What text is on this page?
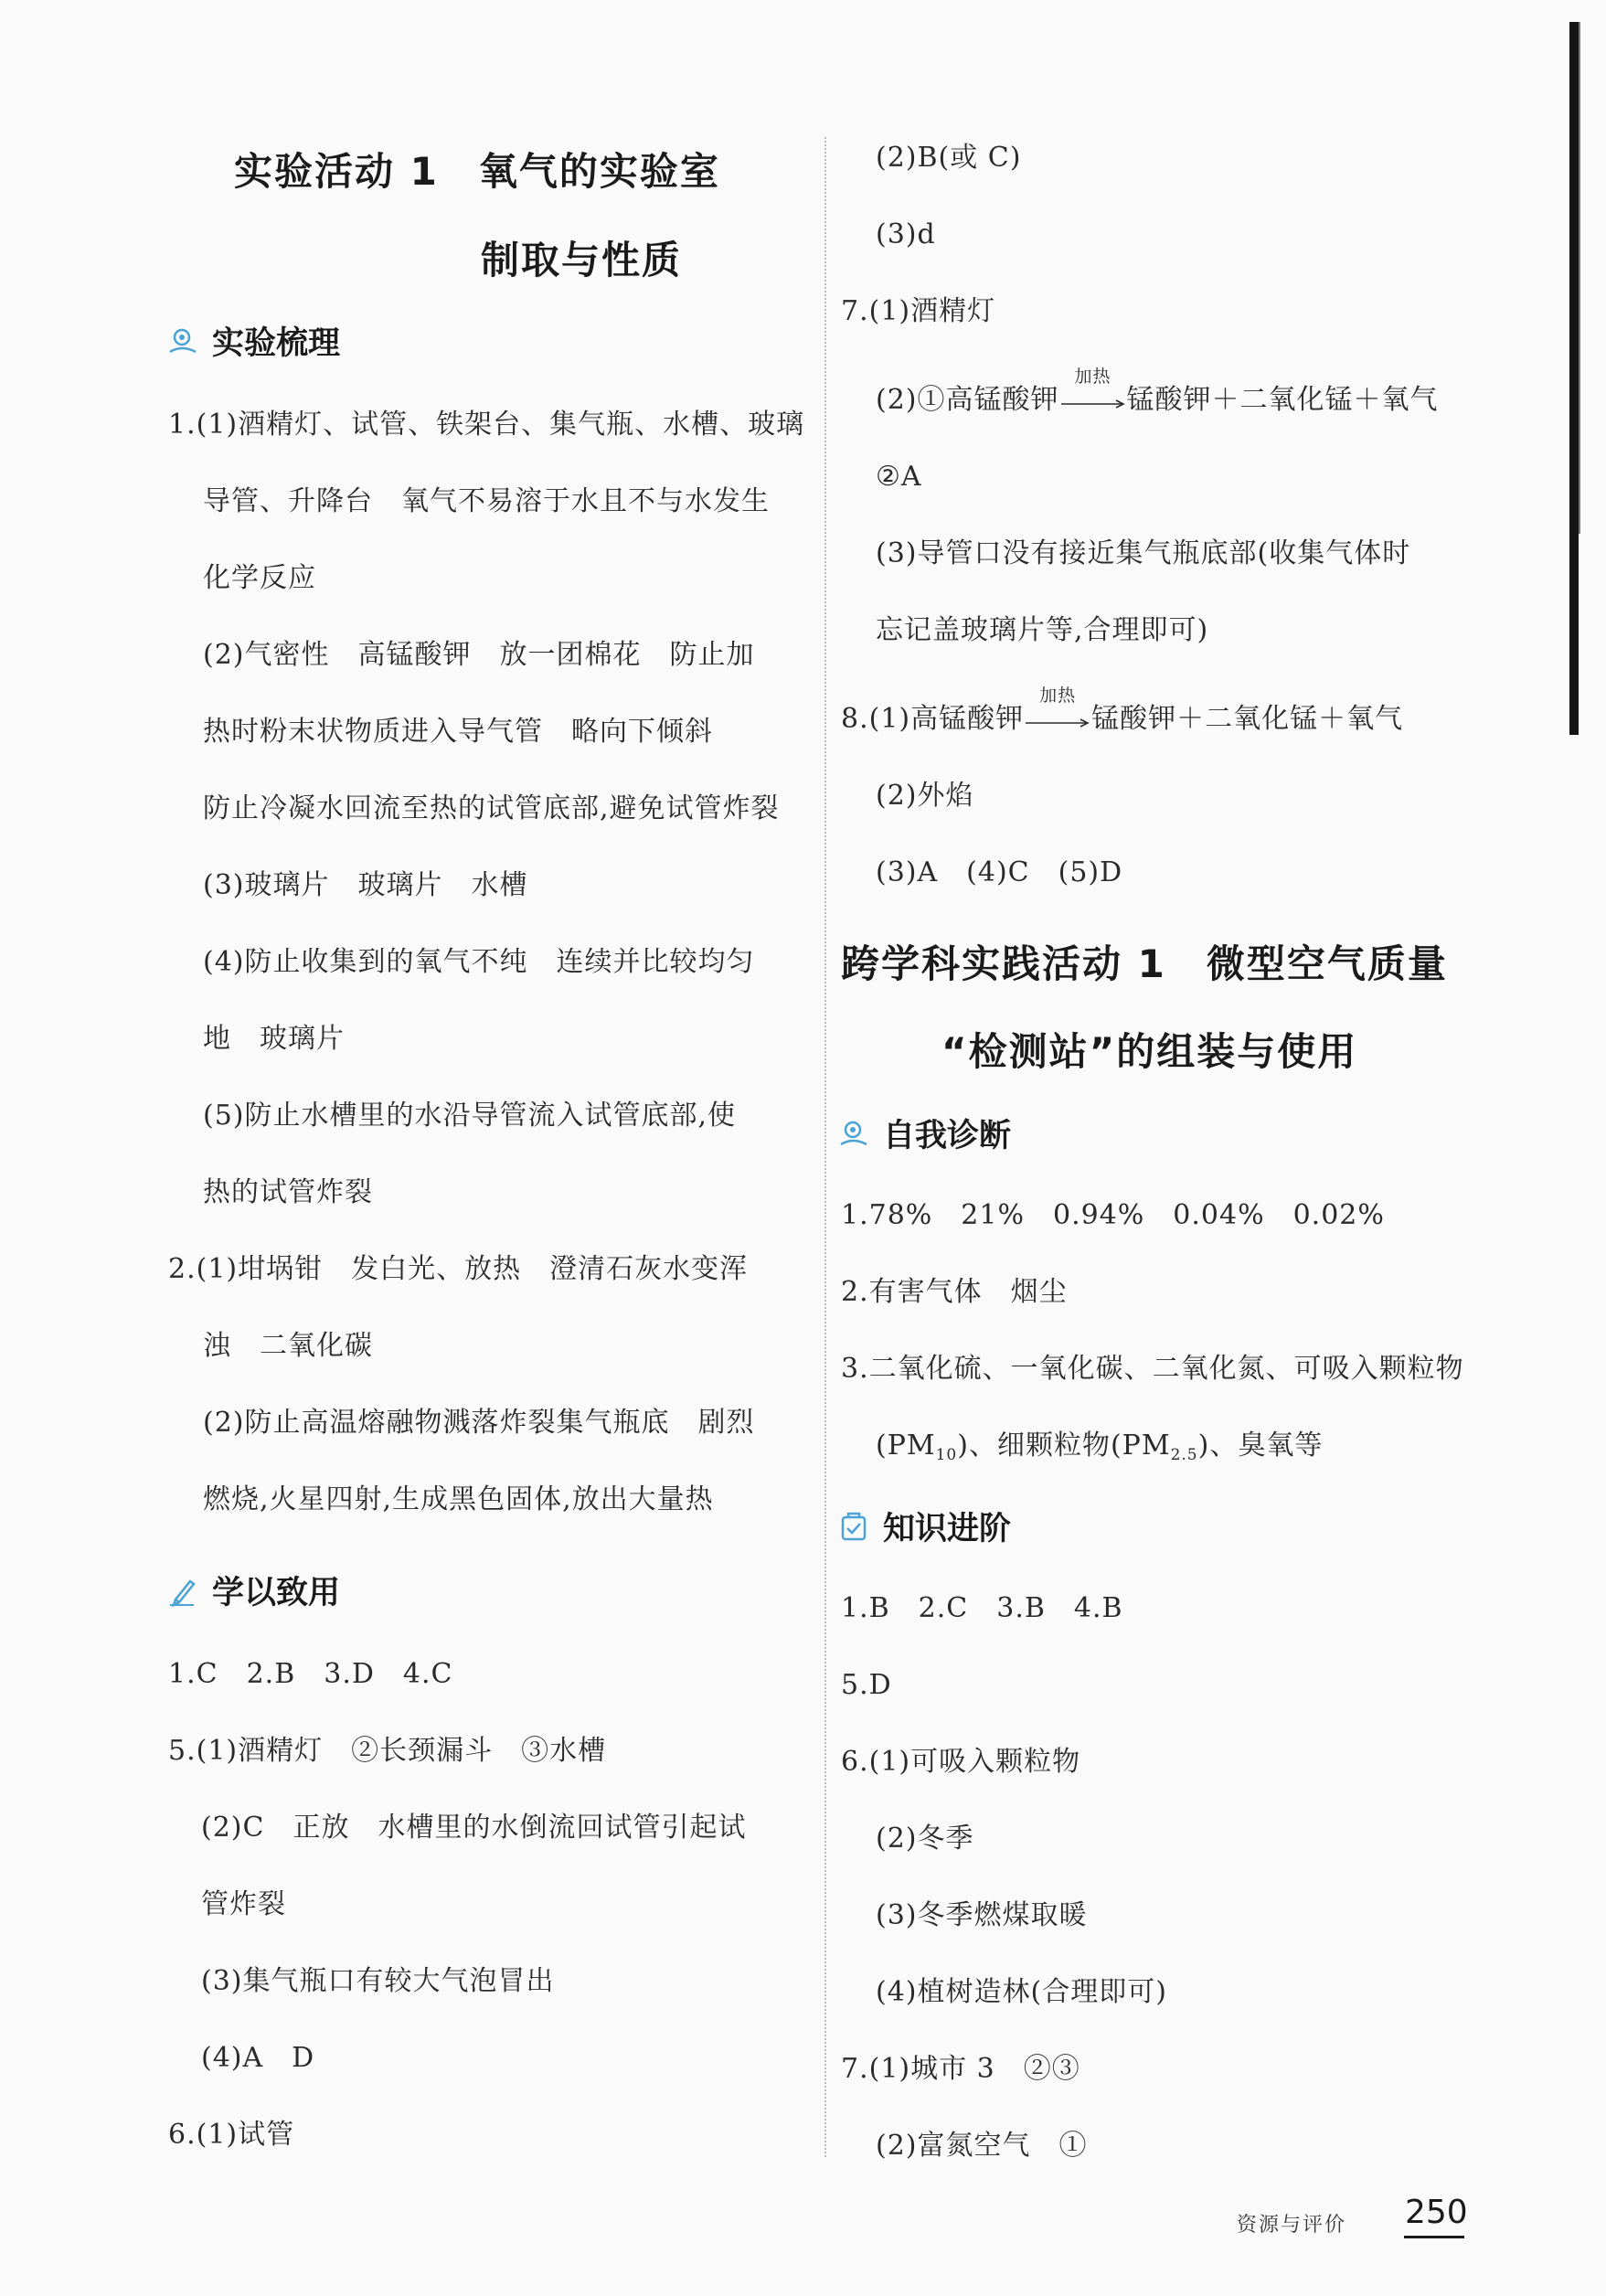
实验活动 1　氧气的实验室
制取与性质
实验梳理
1.(1)酒精灯、试管、铁架台、集气瓶、水槽、玻璃
导管、升降台　氧气不易溶于水且不与水发生
化学反应
(2)气密性　高锰酸钾　放一团棉花　防止加
热时粉末状物质进入导气管　略向下倾斜
防止冷凝水回流至热的试管底部,避免试管炸裂
(3)玻璃片　玻璃片　水槽
(4)防止收集到的氧气不纯　连续并比较均匀
地　玻璃片
(5)防止水槽里的水沿导管流入试管底部,使
热的试管炸裂
2.(1)坩埚钳　发白光、放热　澄清石灰水变浑
浊　二氧化碳
(2)防止高温熔融物溅落炸裂集气瓶底　剧烈
燃烧,火星四射,生成黑色固体,放出大量热
学以致用
1.C　2.B　3.D　4.C
5.(1)酒精灯　②长颈漏斗　③水槽
(2)C　正放　水槽里的水倒流回试管引起试
管炸裂
(3)集气瓶口有较大气泡冒出
(4)A　D
6.(1)试管
(2)B(或 C)
(3)d
7.(1)酒精灯
(2)①高锰酸钾
加热
锰酸钾＋二氧化锰＋氧气
②A
(3)导管口没有接近集气瓶底部(收集气体时
忘记盖玻璃片等,合理即可)
8.(1)高锰酸钾
加热
锰酸钾＋二氧化锰＋氧气
(2)外焰
(3)A　(4)C　(5)D
跨学科实践活动 1　微型空气质量
“检测站”的组装与使用
自我诊断
1.78%　21%　0.94%　0.04%　0.02%
2.有害气体　烟尘
3.二氧化硫、一氧化碳、二氧化氮、可吸入颗粒物
$(PM_{10})$、细颗粒物$(PM_{2.5})$、臭氧等
知识进阶
1.B　2.C　3.B　4.B
5.D
6.(1)可吸入颗粒物
(2)冬季
(3)冬季燃煤取暖
(4)植树造林(合理即可)
7.(1)城市 3　②③
(2)富氮空气　①
资源与评价 250
